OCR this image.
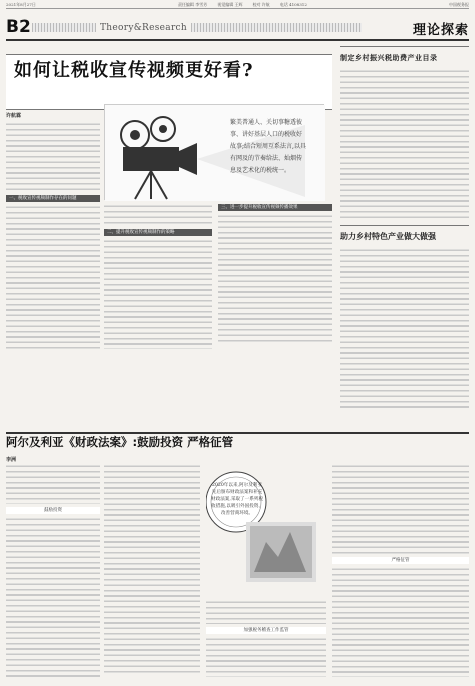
2021年8月27日	责任编辑 李雪芳	视觉编辑 王辉	校对 许航	电话 4108312	中国税务报
B2	Theory&Research	理论探索
如何让税收宣传视频更好看?
繁美普通人、关切事糖透彼事、讲好基层人口的税收好故事;结合短周互系法言,以具有网及的节奏给法、灿烟传息及艺术化的税统一。
许航霖
一、税收宣传视频制作存在的问题
二、提升税收宣传视频制作的策略
三、进一步提升税收宣传视频传播效果
制定乡村振兴税助费产业目录
助力乡村特色产业做大做强
阿尔及利亚《财政法案》:鼓励投资 严格征管
李洲
鼓励投资
2020年以来,阿尔及利亚先后颁布财政法案和补充财政法案,采取了一系列税收措施,以吸引外国投资、改善营商环境。
加强税务稽查工作监管
严格征管
